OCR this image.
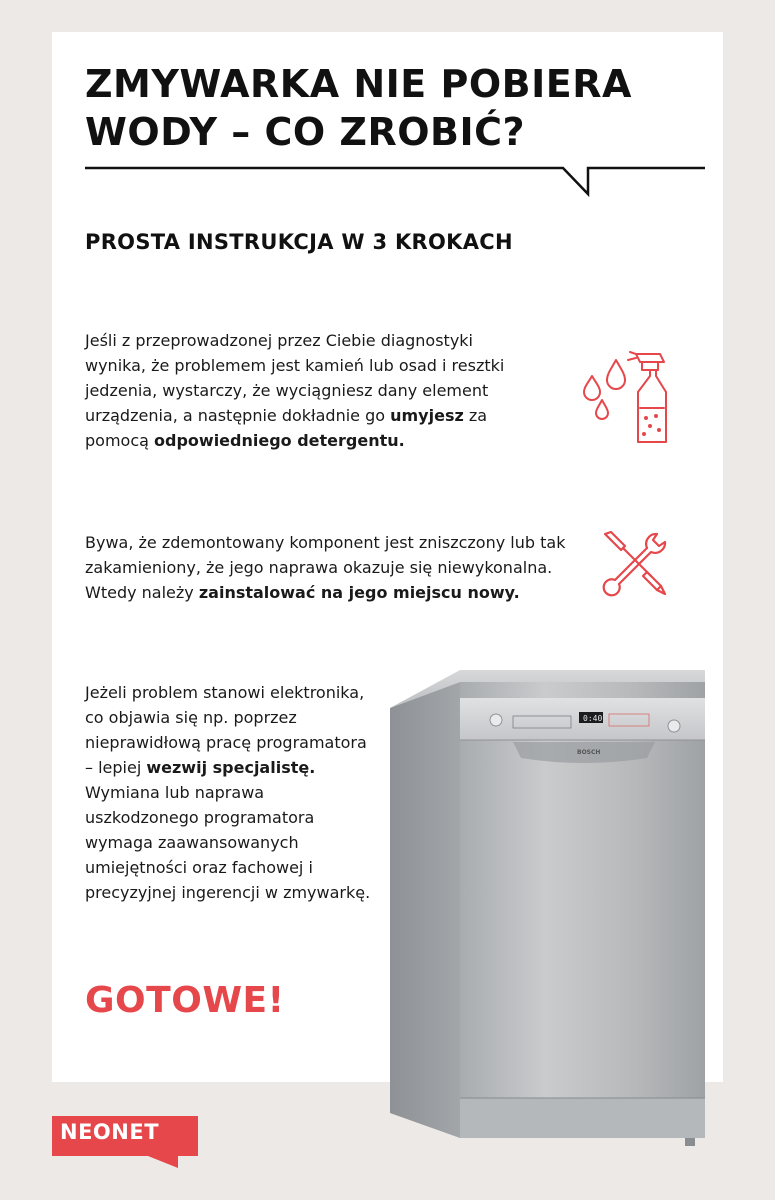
ZMYWARKA NIE POBIERA
WODY – CO ZROBIĆ?
PROSTA INSTRUKCJA W 3 KROKACH

Jeśli z przeprowadzonej przez Ciebie diagnostyki wynika, że problemem jest kamień lub osad i resztki jedzenia, wystarczy, że wyciągniesz dany element urządzenia, a następnie dokładnie go umyjesz za pomocą odpowiedniego detergentu.

Bywa, że zdemontowany komponent jest zniszczony lub tak zakamieniony, że jego naprawa okazuje się niewykonalna. Wtedy należy zainstalować na jego miejscu nowy.

Jeżeli problem stanowi elektronika, co objawia się np. poprzez nieprawidłową pracę programatora – lepiej wezwij specjalistę. Wymiana lub naprawa uszkodzonego programatora wymaga zaawansowanych umiejętności oraz fachowej i precyzyjnej ingerencji w zmywarkę.

GOTOWE!

0:40
BOSCH
NEONET
